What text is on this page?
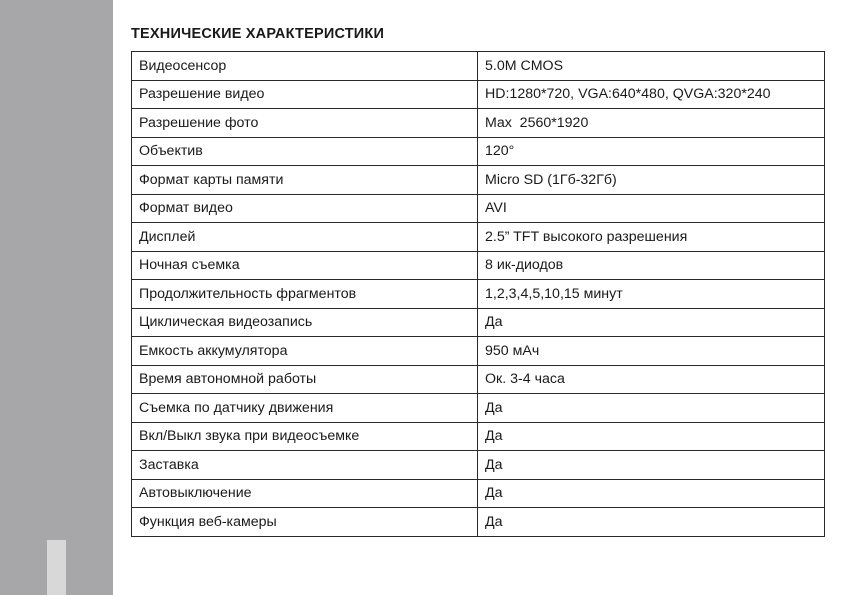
ТЕХНИЧЕСКИЕ ХАРАКТЕРИСТИКИ
Видеосенсор	5.0M CMOS
Разрешение видео	HD:1280*720, VGA:640*480, QVGA:320*240
Разрешение фото	Max  2560*1920
Объектив	120°
Формат карты памяти	Micro SD (1Гб-32Гб)
Формат видео	AVI
Дисплей	2.5” TFT высокого разрешения
Ночная съемка	8 ик-диодов
Продолжительность фрагментов	1,2,3,4,5,10,15 минут
Циклическая видеозапись	Да
Емкость аккумулятора	950 мАч
Время автономной работы	Ок. 3-4 часа
Съемка по датчику движения	Да
Вкл/Выкл звука при видеосъемке	Да
Заставка	Да
Автовыключение	Да
Функция веб-камеры	Да
